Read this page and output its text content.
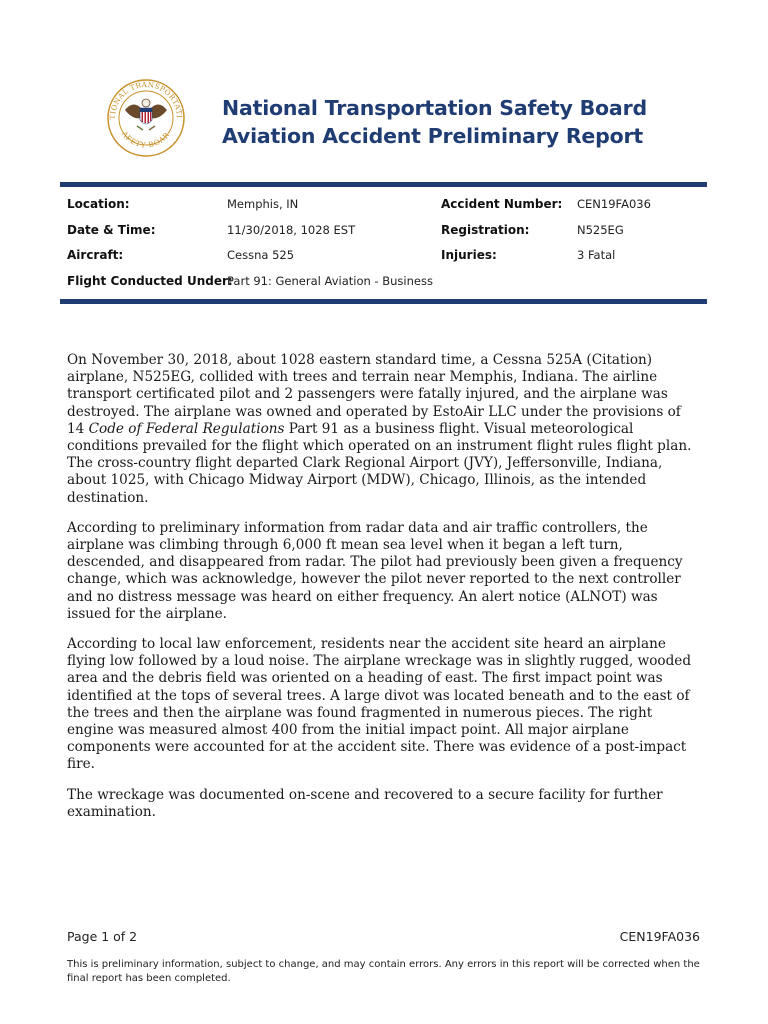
TIONAL TRANSPORTATI
AFETY BOAR
National Transportation Safety Board
Aviation Accident Preliminary Report
Location:	Memphis, IN	Accident Number: CEN19FA036
Date & Time:	11/30/2018, 1028 EST	Registration:	N525EG
Aircraft:	Cessna 525	Injuries:	3 Fatal
Flight Conducted Under:
Part 91: General Aviation - Business

On November 30, 2018, about 1028 eastern standard time, a Cessna 525A (Citation) airplane, N525EG, collided with trees and terrain near Memphis, Indiana. The airline transport certificated pilot and 2 passengers were fatally injured, and the airplane was destroyed. The airplane was owned and operated by EstoAir LLC under the provisions of 14 Code of Federal Regulations Part 91 as a business flight. Visual meteorological conditions prevailed for the flight which operated on an instrument flight rules flight plan. The cross-country flight departed Clark Regional Airport (JVY), Jeffersonville, Indiana, about 1025, with Chicago Midway Airport (MDW), Chicago, Illinois, as the intended destination.

According to preliminary information from radar data and air traffic controllers, the airplane was climbing through 6,000 ft mean sea level when it began a left turn, descended, and disappeared from radar. The pilot had previously been given a frequency change, which was acknowledge, however the pilot never reported to the next controller and no distress message was heard on either frequency. An alert notice (ALNOT) was issued for the airplane.

According to local law enforcement, residents near the accident site heard an airplane flying low followed by a loud noise. The airplane wreckage was in slightly rugged, wooded area and the debris field was oriented on a heading of east. The first impact point was identified at the tops of several trees. A large divot was located beneath and to the east of the trees and then the airplane was found fragmented in numerous pieces. The right engine was measured almost 400 from the initial impact point. All major airplane components were accounted for at the accident site. There was evidence of a post-impact fire.

The wreckage was documented on-scene and recovered to a secure facility for further examination.

Page 1 of 2	CEN19FA036
This is preliminary information, subject to change, and may contain errors. Any errors in this report will be corrected when the final report has been completed.
